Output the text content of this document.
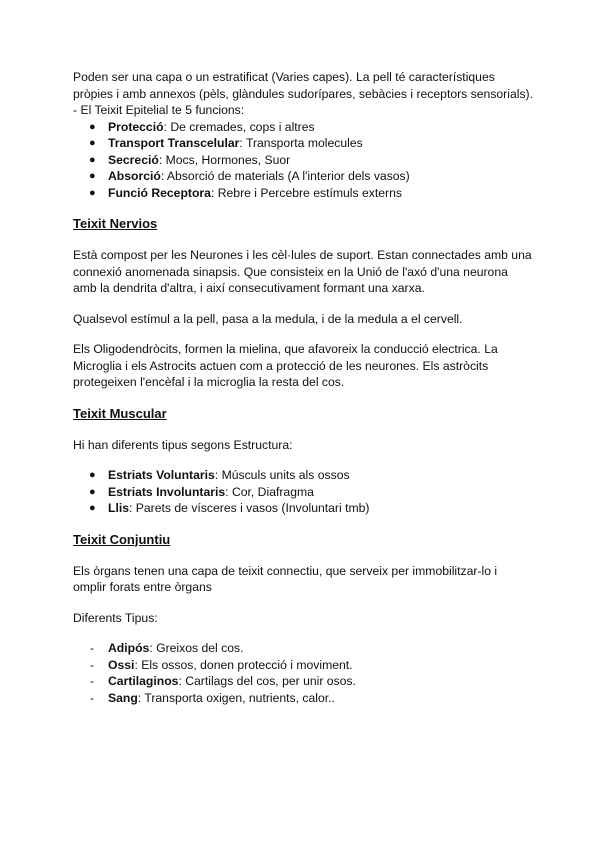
Poden ser una capa o un estratificat (Varies capes). La pell té característiques pròpies i amb annexos (pèls, glàndules sudorípares, sebàcies i receptors sensorials).

- El Teixit Epitelial te 5 funcions:

● Protecció: De cremades, cops i altres
● Transport Transcelular: Transporta molecules
● Secreció: Mocs, Hormones, Suor
● Absorció: Absorció de materials (A l'interior dels vasos)
● Funció Receptora: Rebre i Percebre estímuls externs
Teixit Nervios

Està compost per les Neurones i les cèl·lules de suport. Estan connectades amb una connexió anomenada sinapsis. Que consisteix en la Unió de l'axó d'una neurona amb la dendrita d'altra, i així consecutivament formant una xarxa.

Qualsevol estímul a la pell, pasa a la medula, i de la medula a el cervell.

Els Oligodendròcits, formen la mielina, que afavoreix la conducció electrica. La Microglia i els Astrocits actuen com a protecció de les neurones. Els astròcits protegeixen l'encèfal i la microglia la resta del cos.

Teixit Muscular

Hi han diferents tipus segons Estructura:

● Estriats Voluntaris: Músculs units als ossos
● Estriats Involuntaris: Cor, Diafragma
● Llis: Parets de vísceres i vasos (Involuntari tmb)
Teixit Conjuntiu

Els òrgans tenen una capa de teixit connectiu, que serveix per immobilitzar-lo i omplir forats entre òrgans

Diferents Tipus:

- Adipós: Greixos del cos.
- Ossi: Els ossos, donen protecció i moviment.
- Cartilaginos: Cartilags del cos, per unir osos.
- Sang: Transporta oxigen, nutrients, calor..
